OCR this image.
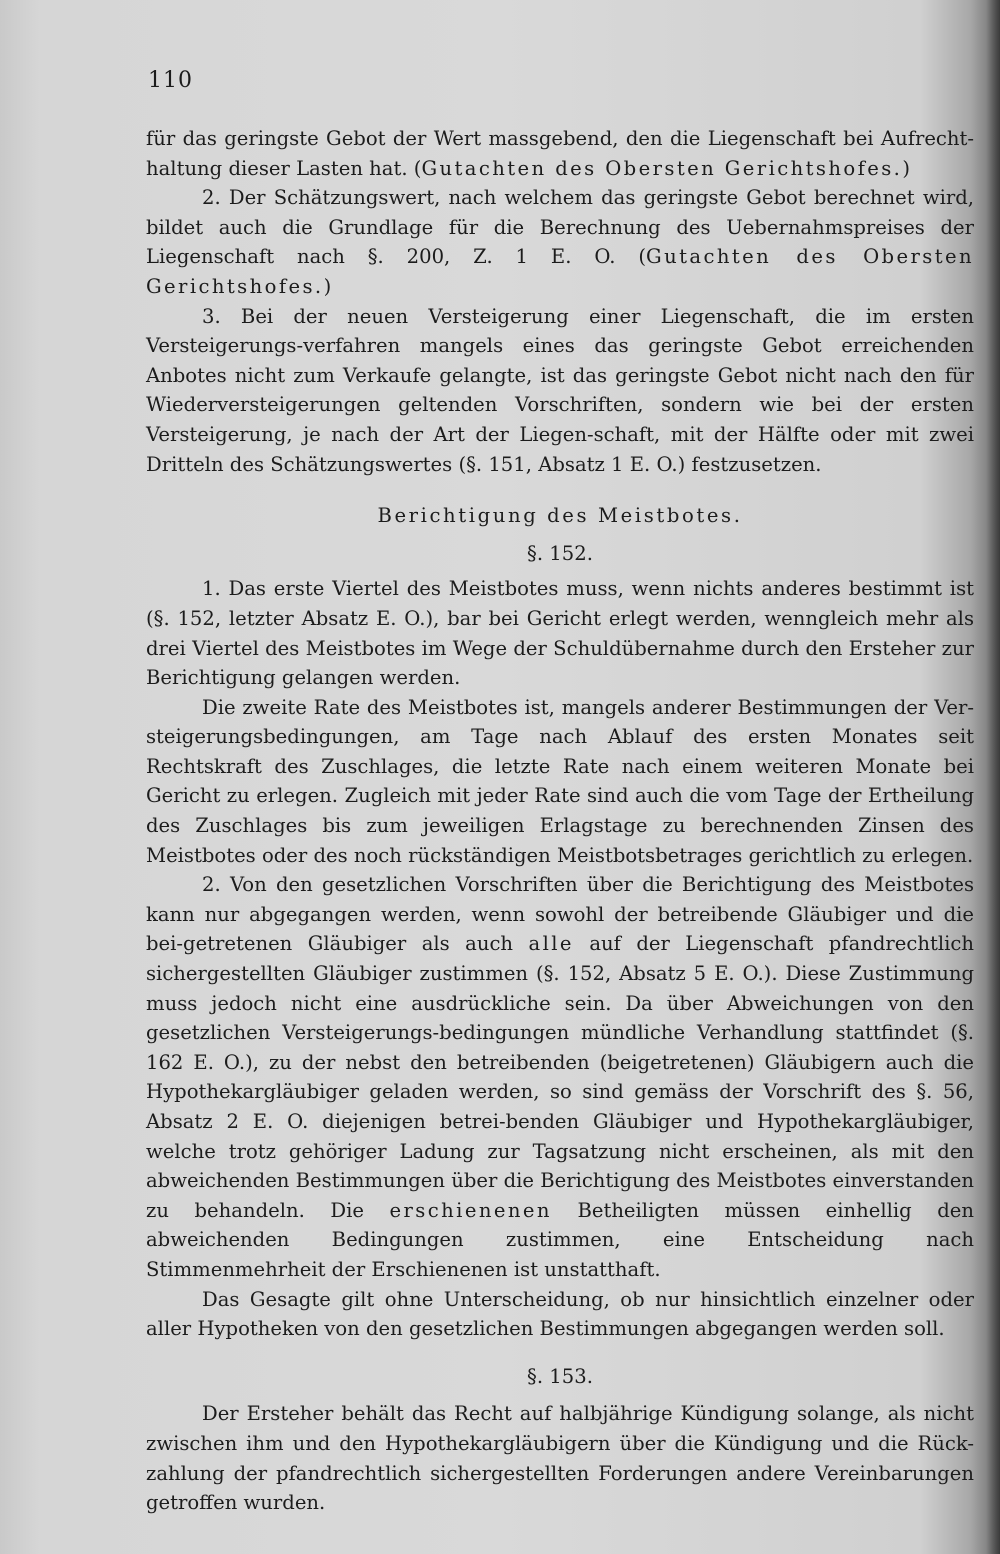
110

für das geringste Gebot der Wert massgebend, den die Liegenschaft bei Aufrecht-haltung dieser Lasten hat. (Gutachten des Obersten Gerichtshofes.)

2. Der Schätzungswert, nach welchem das geringste Gebot berechnet wird, bildet auch die Grundlage für die Berechnung des Uebernahmspreises der Liegenschaft nach §. 200, Z. 1 E. O. (Gutachten des Obersten Gerichtshofes.)

3. Bei der neuen Versteigerung einer Liegenschaft, die im ersten Versteigerungs-verfahren mangels eines das geringste Gebot erreichenden Anbotes nicht zum Verkaufe gelangte, ist das geringste Gebot nicht nach den für Wiederversteigerungen geltenden Vorschriften, sondern wie bei der ersten Versteigerung, je nach der Art der Liegen-schaft, mit der Hälfte oder mit zwei Dritteln des Schätzungswertes (§. 151, Absatz 1 E. O.) festzusetzen.

Berichtigung des Meistbotes.
§. 152.

1. Das erste Viertel des Meistbotes muss, wenn nichts anderes bestimmt ist (§. 152, letzter Absatz E. O.), bar bei Gericht erlegt werden, wenngleich mehr als drei Viertel des Meistbotes im Wege der Schuldübernahme durch den Ersteher zur Berichtigung gelangen werden.

Die zweite Rate des Meistbotes ist, mangels anderer Bestimmungen der Ver-steigerungsbedingungen, am Tage nach Ablauf des ersten Monates seit Rechtskraft des Zuschlages, die letzte Rate nach einem weiteren Monate bei Gericht zu erlegen. Zugleich mit jeder Rate sind auch die vom Tage der Ertheilung des Zuschlages bis zum jeweiligen Erlagstage zu berechnenden Zinsen des Meistbotes oder des noch rückständigen Meistbotsbetrages gerichtlich zu erlegen.

2. Von den gesetzlichen Vorschriften über die Berichtigung des Meistbotes kann nur abgegangen werden, wenn sowohl der betreibende Gläubiger und die bei-getretenen Gläubiger als auch alle auf der Liegenschaft pfandrechtlich sichergestellten Gläubiger zustimmen (§. 152, Absatz 5 E. O.). Diese Zustimmung muss jedoch nicht eine ausdrückliche sein. Da über Abweichungen von den gesetzlichen Versteigerungs-bedingungen mündliche Verhandlung stattfindet (§. 162 E. O.), zu der nebst den betreibenden (beigetretenen) Gläubigern auch die Hypothekargläubiger geladen werden, so sind gemäss der Vorschrift des §. 56, Absatz 2 E. O. diejenigen betrei-benden Gläubiger und Hypothekargläubiger, welche trotz gehöriger Ladung zur Tagsatzung nicht erscheinen, als mit den abweichenden Bestimmungen über die Berichtigung des Meistbotes einverstanden zu behandeln. Die erschienenen Betheiligten müssen einhellig den abweichenden Bedingungen zustimmen, eine Entscheidung nach Stimmenmehrheit der Erschienenen ist unstatthaft.

Das Gesagte gilt ohne Unterscheidung, ob nur hinsichtlich einzelner oder aller Hypotheken von den gesetzlichen Bestimmungen abgegangen werden soll.

§. 153.

Der Ersteher behält das Recht auf halbjährige Kündigung solange, als nicht zwischen ihm und den Hypothekargläubigern über die Kündigung und die Rück-zahlung der pfandrechtlich sichergestellten Forderungen andere Vereinbarungen getroffen wurden.
